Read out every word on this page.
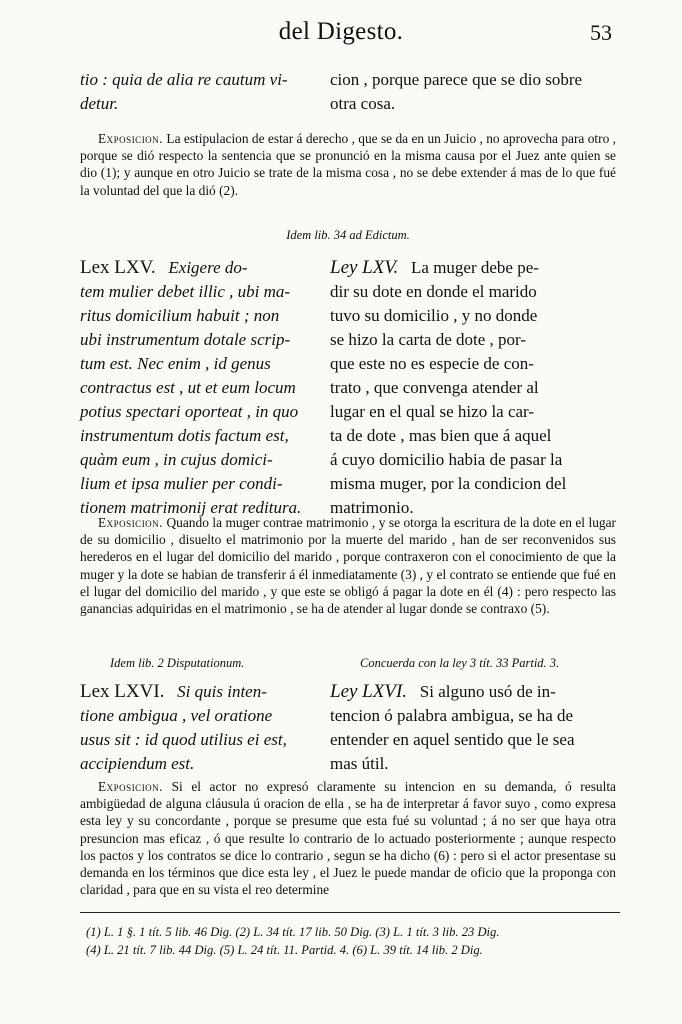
del Digesto.	53
tio : quia de alia re cautum vi-
detur.
cion , porque parece que se dio sobre
otra cosa.
Exposicion. La estipulacion de estar á derecho , que se da en un Juicio , no aprovecha para otro , porque se dió respecto la sentencia que se pronunció en la misma causa por el Juez ante quien se dio (1); y aunque en otro Juicio se trate de la misma cosa , no se debe extender á mas de lo que fué la voluntad del que la dió (2).
Idem lib. 34 ad Edictum.
Lex LXV. Exigere do-
tem mulier debet illic , ubi ma-
ritus domicilium habuit ; non
ubi instrumentum dotale scrip-
tum est. Nec enim , id genus
contractus est , ut et eum locum
potius spectari oporteat , in quo
instrumentum dotis factum est,
quàm eum , in cujus domici-
lium et ipsa mulier per condi-
tionem matrimonij erat reditura.
Ley LXV. La muger debe pe-
dir su dote en donde el marido
tuvo su domicilio , y no donde
se hizo la carta de dote , por-
que este no es especie de con-
trato , que convenga atender al
lugar en el qual se hizo la car-
ta de dote , mas bien que á aquel
á cuyo domicilio habia de pasar la
misma muger, por la condicion del
matrimonio.
Exposicion. Quando la muger contrae matrimonio , y se otorga la escritura de la dote en el lugar de su domicilio , disuelto el matrimonio por la muerte del marido , han de ser reconvenidos sus herederos en el lugar del domicilio del marido , porque contraxeron con el conocimiento de que la muger y la dote se habian de transferir á él inmediatamente (3) , y el contrato se entiende que fué en el lugar del domicilio del marido , y que este se obligó á pagar la dote en él (4) : pero respecto las ganancias adquiridas en el matrimonio , se ha de atender al lugar donde se contraxo (5).
Idem lib. 2 Disputationum.	Concuerda con la ley 3 tít. 33 Partid. 3.
Lex LXVI. Si quis inten-
tione ambigua , vel oratione
usus sit : id quod utilius ei est,
accipiendum est.
Ley LXVI. Si alguno usó de in-
tencion ó palabra ambigua, se ha de
entender en aquel sentido que le sea
mas útil.
Exposicion. Si el actor no expresó claramente su intencion en su demanda, ó resulta ambigüedad de alguna cláusula ú oracion de ella , se ha de interpretar á favor suyo , como expresa esta ley y su concordante , porque se presume que esta fué su voluntad ; á no ser que haya otra presuncion mas eficaz , ó que resulte lo contrario de lo actuado posteriormente ; aunque respecto los pactos y los contratos se dice lo contrario , segun se ha dicho (6) : pero si el actor presentase su demanda en los términos que dice esta ley , el Juez le puede mandar de oficio que la proponga con claridad , para que en su vista el reo determine
(1) L. 1 §. 1 tít. 5 lib. 46 Dig. (2) L. 34 tít. 17 lib. 50 Dig. (3) L. 1 tít. 3 lib. 23 Dig.
(4) L. 21 tít. 7 lib. 44 Dig. (5) L. 24 tít. 11. Partid. 4. (6) L. 39 tít. 14 lib. 2 Dig.
